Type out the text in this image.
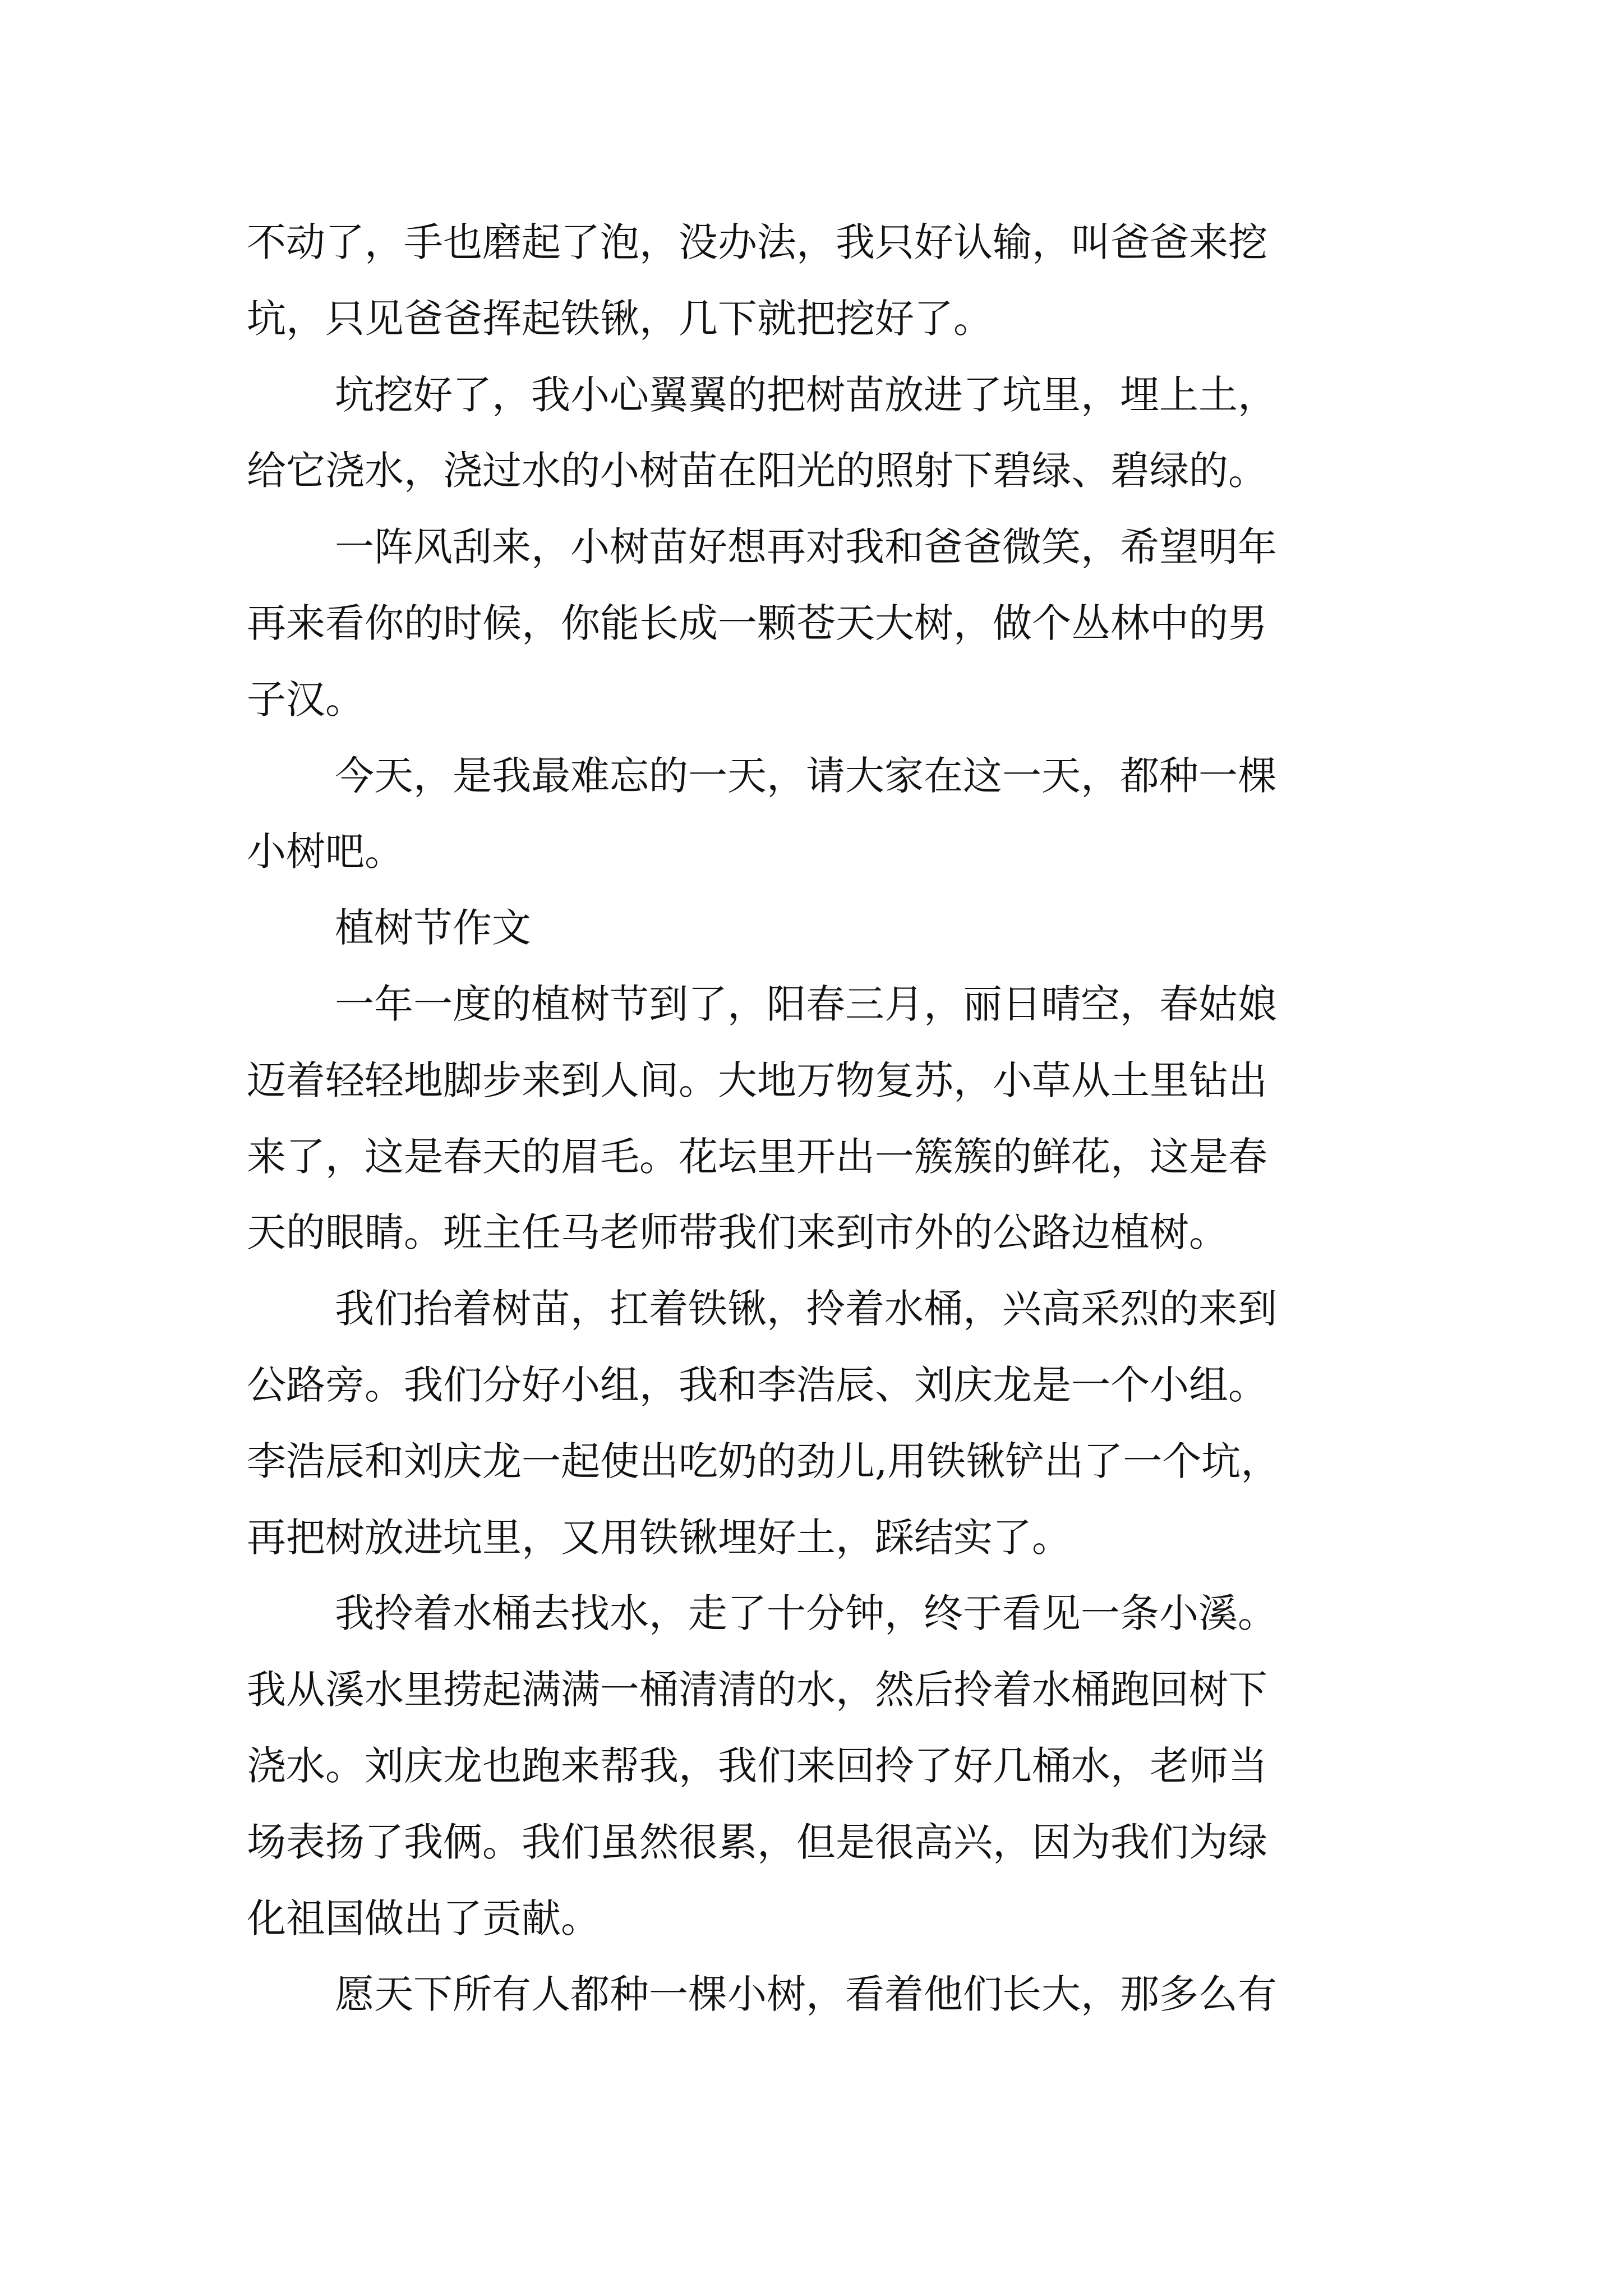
不动了，手也磨起了泡，没办法，我只好认输，叫爸爸来挖
坑，只见爸爸挥起铁锹，几下就把挖好了。
坑挖好了，我小心翼翼的把树苗放进了坑里，埋上土，
给它浇水，浇过水的小树苗在阳光的照射下碧绿、碧绿的。
一阵风刮来，小树苗好想再对我和爸爸微笑，希望明年
再来看你的时候，你能长成一颗苍天大树，做个丛林中的男
子汉。
今天，是我最难忘的一天，请大家在这一天，都种一棵
小树吧。
植树节作文
一年一度的植树节到了，阳春三月，丽日晴空，春姑娘
迈着轻轻地脚步来到人间。大地万物复苏，小草从土里钻出
来了，这是春天的眉毛。花坛里开出一簇簇的鲜花，这是春
天的眼睛。班主任马老师带我们来到市外的公路边植树。
我们抬着树苗，扛着铁锹，拎着水桶，兴高采烈的来到
公路旁。我们分好小组，我和李浩辰、刘庆龙是一个小组。
李浩辰和刘庆龙一起使出吃奶的劲儿,用铁锹铲出了一个坑，
再把树放进坑里，又用铁锹埋好土，踩结实了。
我拎着水桶去找水，走了十分钟，终于看见一条小溪。
我从溪水里捞起满满一桶清清的水，然后拎着水桶跑回树下
浇水。刘庆龙也跑来帮我，我们来回拎了好几桶水，老师当
场表扬了我俩。我们虽然很累，但是很高兴，因为我们为绿
化祖国做出了贡献。
愿天下所有人都种一棵小树，看着他们长大，那多么有
